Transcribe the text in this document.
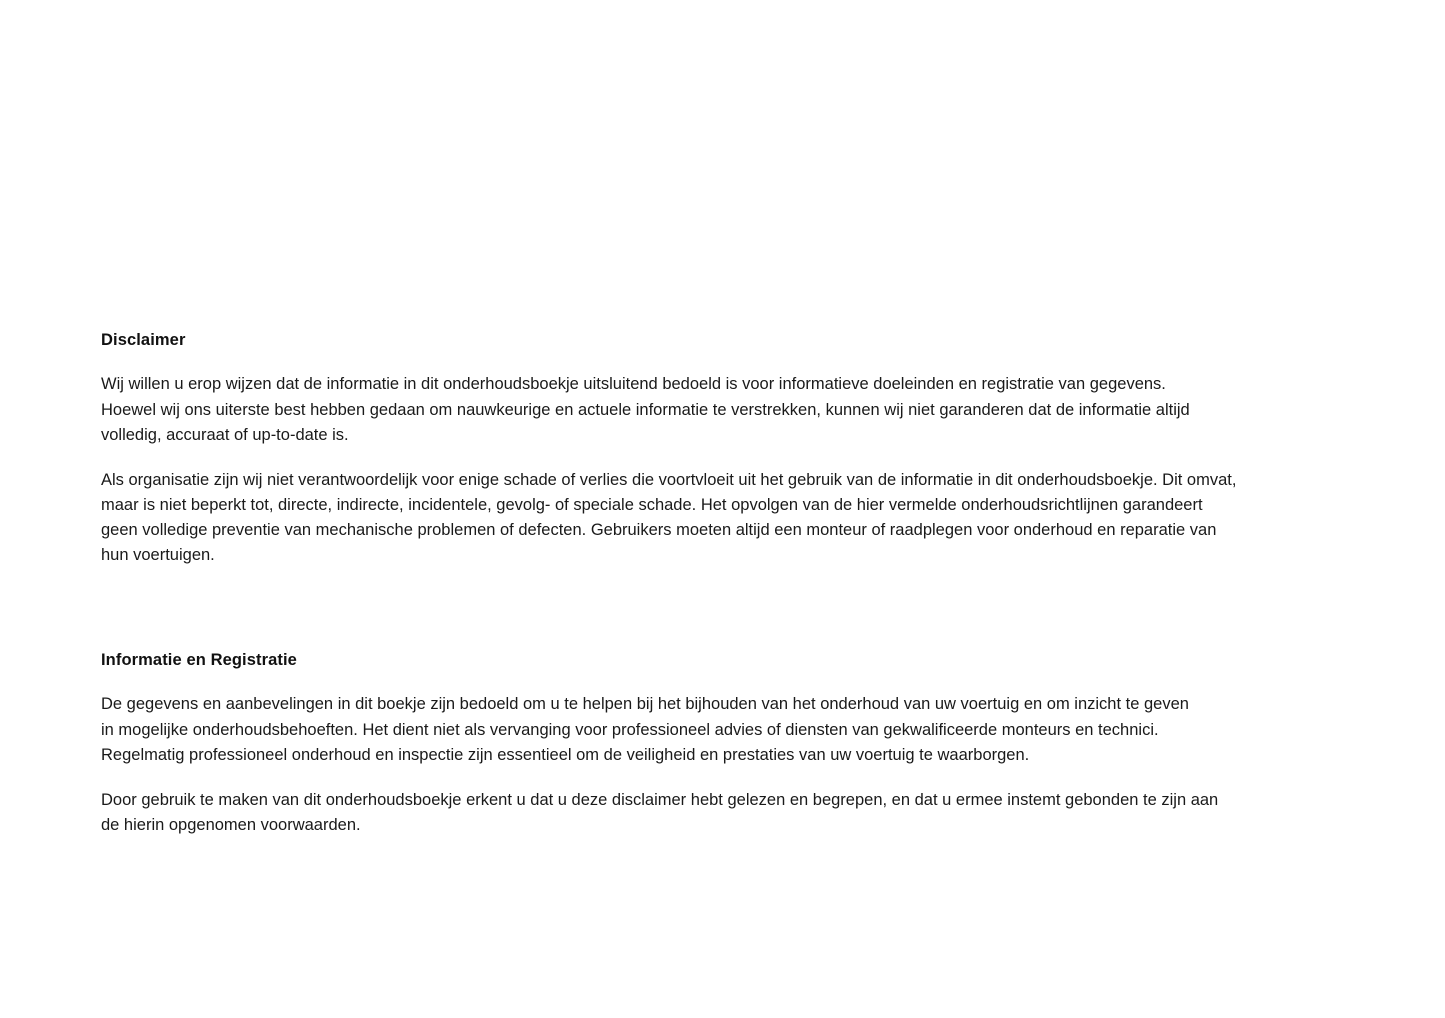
Disclaimer

Wij willen u erop wijzen dat de informatie in dit onderhoudsboekje uitsluitend bedoeld is voor informatieve doeleinden en registratie van gegevens. Hoewel wij ons uiterste best hebben gedaan om nauwkeurige en actuele informatie te verstrekken, kunnen wij niet garanderen dat de informatie altijd volledig, accuraat of up-to-date is.

Als organisatie zijn wij niet verantwoordelijk voor enige schade of verlies die voortvloeit uit het gebruik van de informatie in dit onderhoudsboekje. Dit omvat, maar is niet beperkt tot, directe, indirecte, incidentele, gevolg- of speciale schade. Het opvolgen van de hier vermelde onderhoudsrichtlijnen garandeert geen volledige preventie van mechanische problemen of defecten. Gebruikers moeten altijd een monteur of raadplegen voor onderhoud en reparatie van hun voertuigen.

Informatie en Registratie

De gegevens en aanbevelingen in dit boekje zijn bedoeld om u te helpen bij het bijhouden van het onderhoud van uw voertuig en om inzicht te geven in mogelijke onderhoudsbehoeften. Het dient niet als vervanging voor professioneel advies of diensten van gekwalificeerde monteurs en technici. Regelmatig professioneel onderhoud en inspectie zijn essentieel om de veiligheid en prestaties van uw voertuig te waarborgen.

Door gebruik te maken van dit onderhoudsboekje erkent u dat u deze disclaimer hebt gelezen en begrepen, en dat u ermee instemt gebonden te zijn aan de hierin opgenomen voorwaarden.
